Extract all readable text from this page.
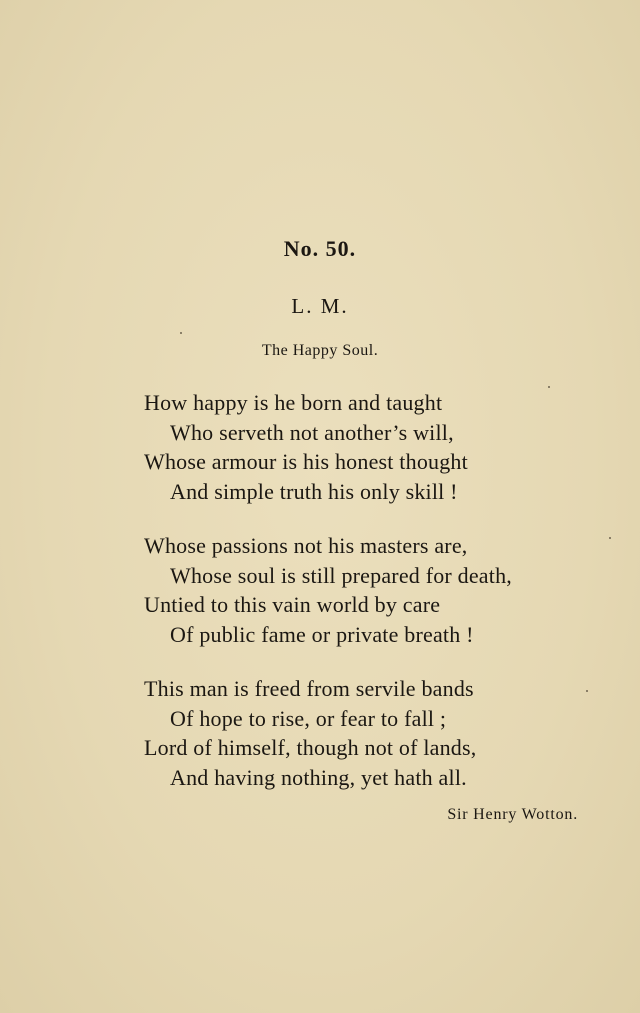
No. 50.
L. M.
The Happy Soul.
How happy is he born and taught
Who serveth not another’s will,
Whose armour is his honest thought
And simple truth his only skill !
Whose passions not his masters are,
Whose soul is still prepared for death,
Untied to this vain world by care
Of public fame or private breath !
This man is freed from servile bands
Of hope to rise, or fear to fall ;
Lord of himself, though not of lands,
And having nothing, yet hath all.
Sir Henry Wotton.
